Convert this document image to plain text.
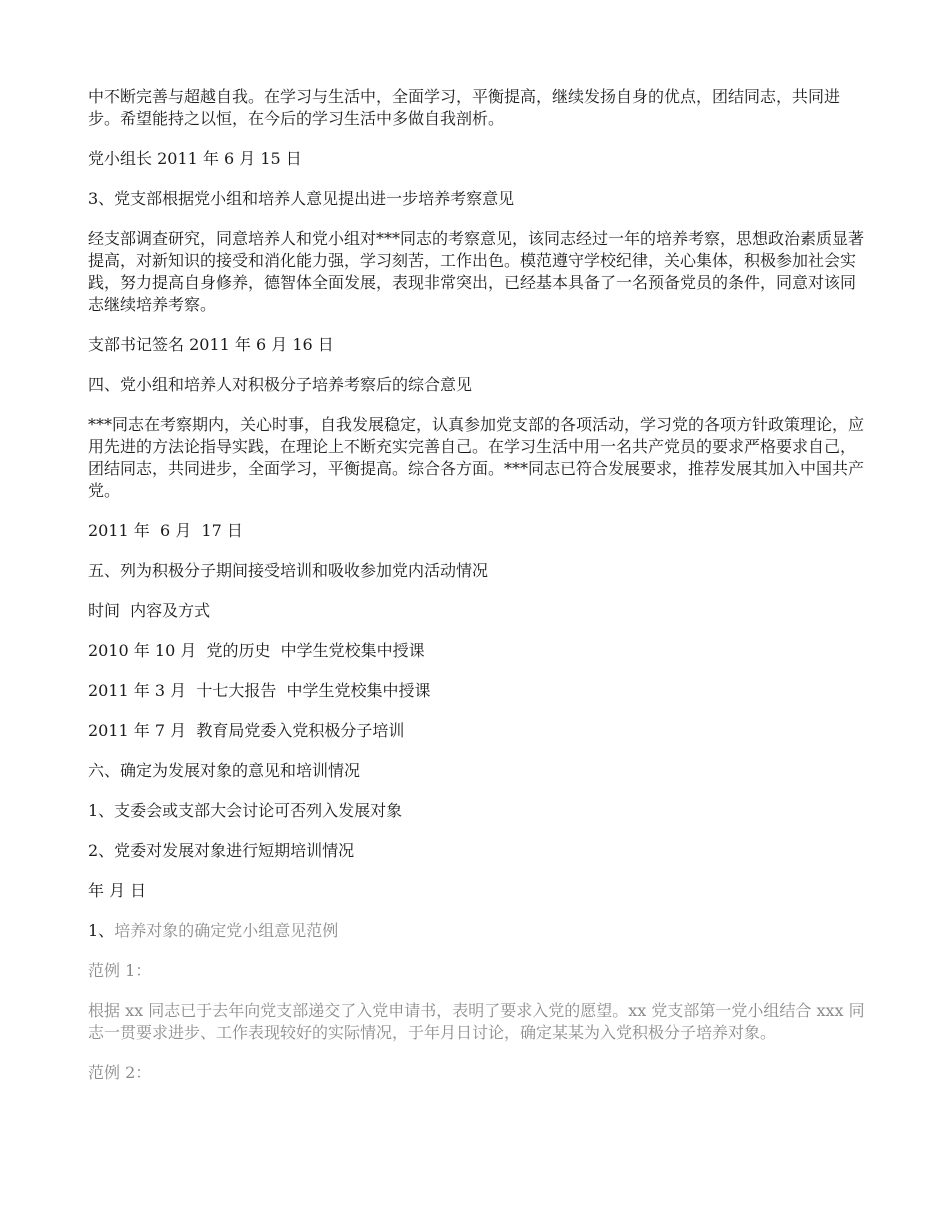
中不断完善与超越自我。在学习与生活中，全面学习，平衡提高，继续发扬自身的优点，团结同志，共同进步。希望能持之以恒，在今后的学习生活中多做自我剖析。

党小组长 2011 年 6 月 15 日

3、党支部根据党小组和培养人意见提出进一步培养考察意见

经支部调查研究，同意培养人和党小组对***同志的考察意见，该同志经过一年的培养考察，思想政治素质显著提高，对新知识的接受和消化能力强，学习刻苦，工作出色。模范遵守学校纪律，关心集体，积极参加社会实践，努力提高自身修养，德智体全面发展，表现非常突出，已经基本具备了一名预备党员的条件，同意对该同志继续培养考察。

支部书记签名 2011 年 6 月 16 日

四、党小组和培养人对积极分子培养考察后的综合意见

***同志在考察期内，关心时事，自我发展稳定，认真参加党支部的各项活动，学习党的各项方针政策理论，应用先进的方法论指导实践，在理论上不断充实完善自己。在学习生活中用一名共产党员的要求严格要求自己，团结同志，共同进步，全面学习，平衡提高。综合各方面。***同志已符合发展要求，推荐发展其加入中国共产党。

2011 年  6 月  17 日

五、列为积极分子期间接受培训和吸收参加党内活动情况

时间  内容及方式

2010 年 10 月  党的历史  中学生党校集中授课

2011 年 3 月  十七大报告  中学生党校集中授课

2011 年 7 月  教育局党委入党积极分子培训

六、确定为发展对象的意见和培训情况

1、支委会或支部大会讨论可否列入发展对象

2、党委对发展对象进行短期培训情况

年 月 日

1、培养对象的确定党小组意见范例

范例 1：

根据 xx 同志已于去年向党支部递交了入党申请书，表明了要求入党的愿望。xx 党支部第一党小组结合 xxx 同志一贯要求进步、工作表现较好的实际情况，于年月日讨论，确定某某为入党积极分子培养对象。

范例 2：
